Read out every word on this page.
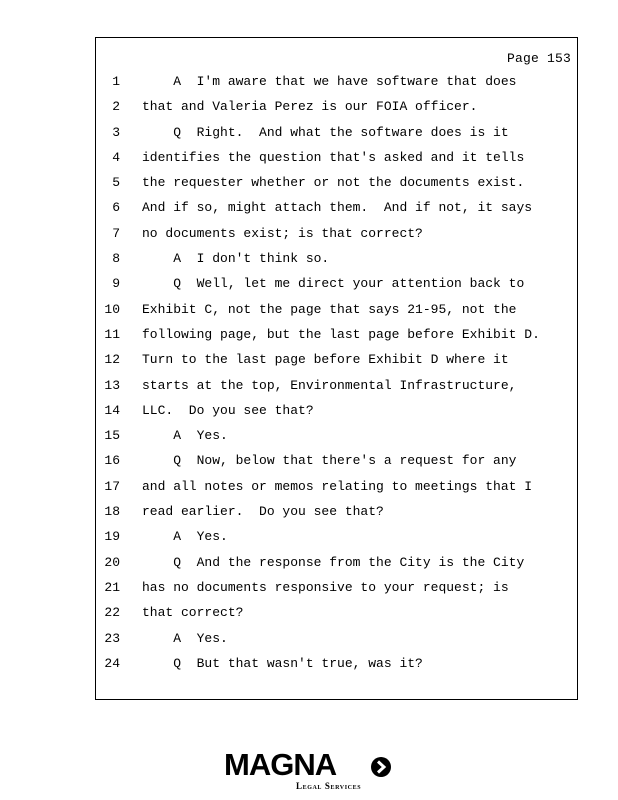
Page 153
1 A  I'm aware that we have software that does
2 that and Valeria Perez is our FOIA officer.
3 Q  Right.  And what the software does is it
4 identifies the question that's asked and it tells
5 the requester whether or not the documents exist.
6 And if so, might attach them.  And if not, it says
7 no documents exist; is that correct?
8 A  I don't think so.
9 Q  Well, let me direct your attention back to
10 Exhibit C, not the page that says 21-95, not the
11 following page, but the last page before Exhibit D.
12 Turn to the last page before Exhibit D where it
13 starts at the top, Environmental Infrastructure,
14 LLC.  Do you see that?
15 A  Yes.
16 Q  Now, below that there's a request for any
17 and all notes or memos relating to meetings that I
18 read earlier.  Do you see that?
19 A  Yes.
20 Q  And the response from the City is the City
21 has no documents responsive to your request; is
22 that correct?
23 A  Yes.
24 Q  But that wasn't true, was it?
MAGNA
Legal Services
